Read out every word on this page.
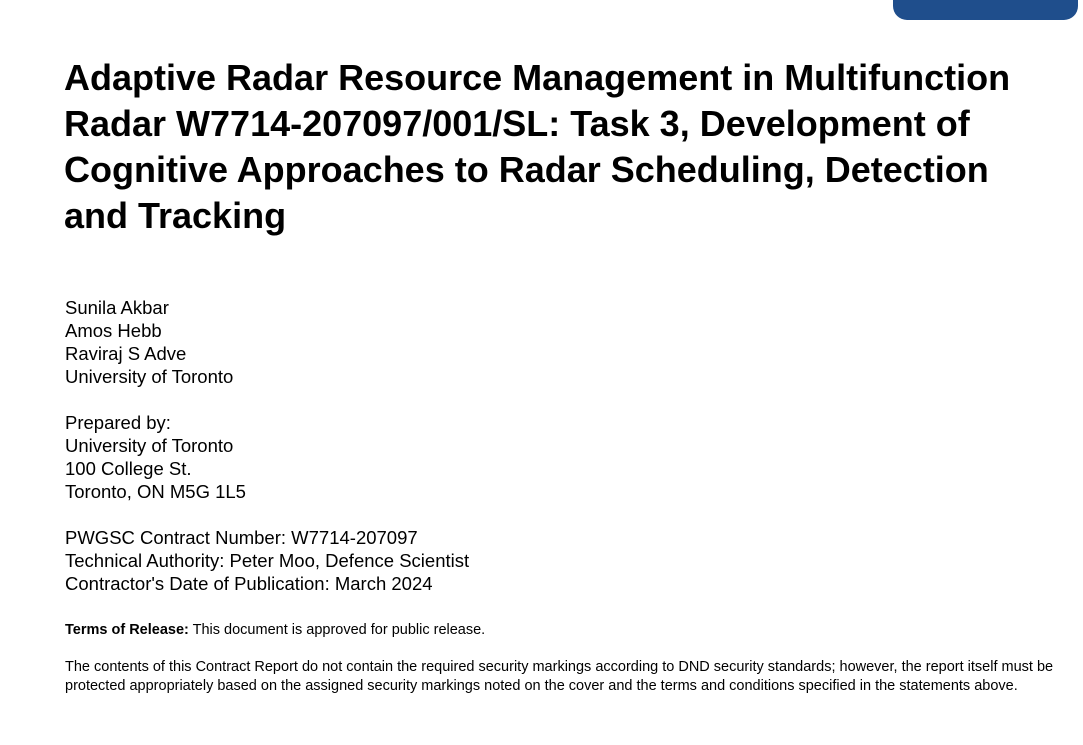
Adaptive Radar Resource Management in Multifunction Radar W7714-207097/001/SL: Task 3, Development of Cognitive Approaches to Radar Scheduling, Detection and Tracking
Sunila Akbar
Amos Hebb
Raviraj S Adve
University of Toronto
Prepared by:
University of Toronto
100 College St.
Toronto, ON M5G 1L5
PWGSC Contract Number: W7714-207097
Technical Authority: Peter Moo, Defence Scientist
Contractor's Date of Publication: March 2024
Terms of Release: This document is approved for public release.

The contents of this Contract Report do not contain the required security markings according to DND security standards; however, the report itself must be protected appropriately based on the assigned security markings noted on the cover and the terms and conditions specified in the statements above.
